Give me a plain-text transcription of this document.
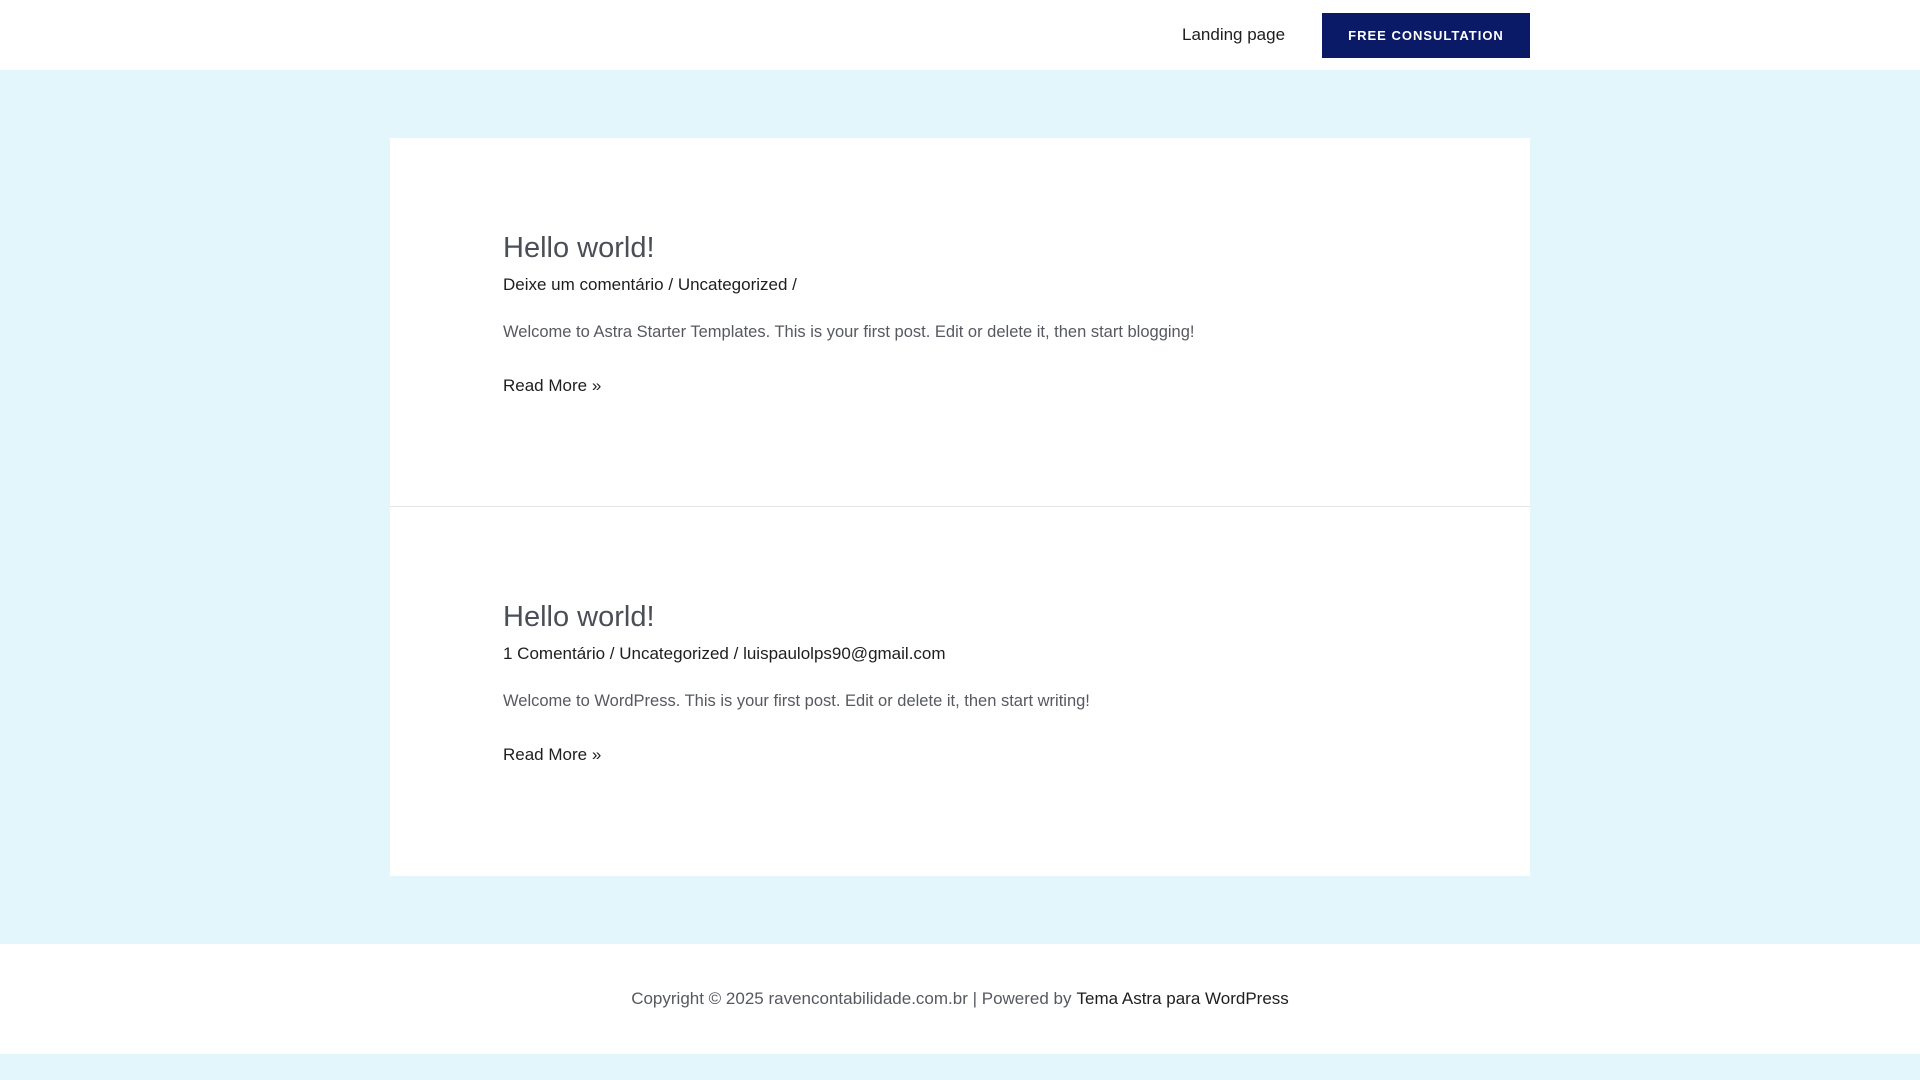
Landing page	FREE CONSULTATION
Hello world!
Deixe um comentário / Uncategorized /

Welcome to Astra Starter Templates. This is your first post. Edit or delete it, then start blogging!

Read More »
Hello world!
1 Comentário / Uncategorized / luispaulolps90@gmail.com

Welcome to WordPress. This is your first post. Edit or delete it, then start writing!

Read More »
Copyright © 2025 ravencontabilidade.com.br | Powered by Tema Astra para WordPress
